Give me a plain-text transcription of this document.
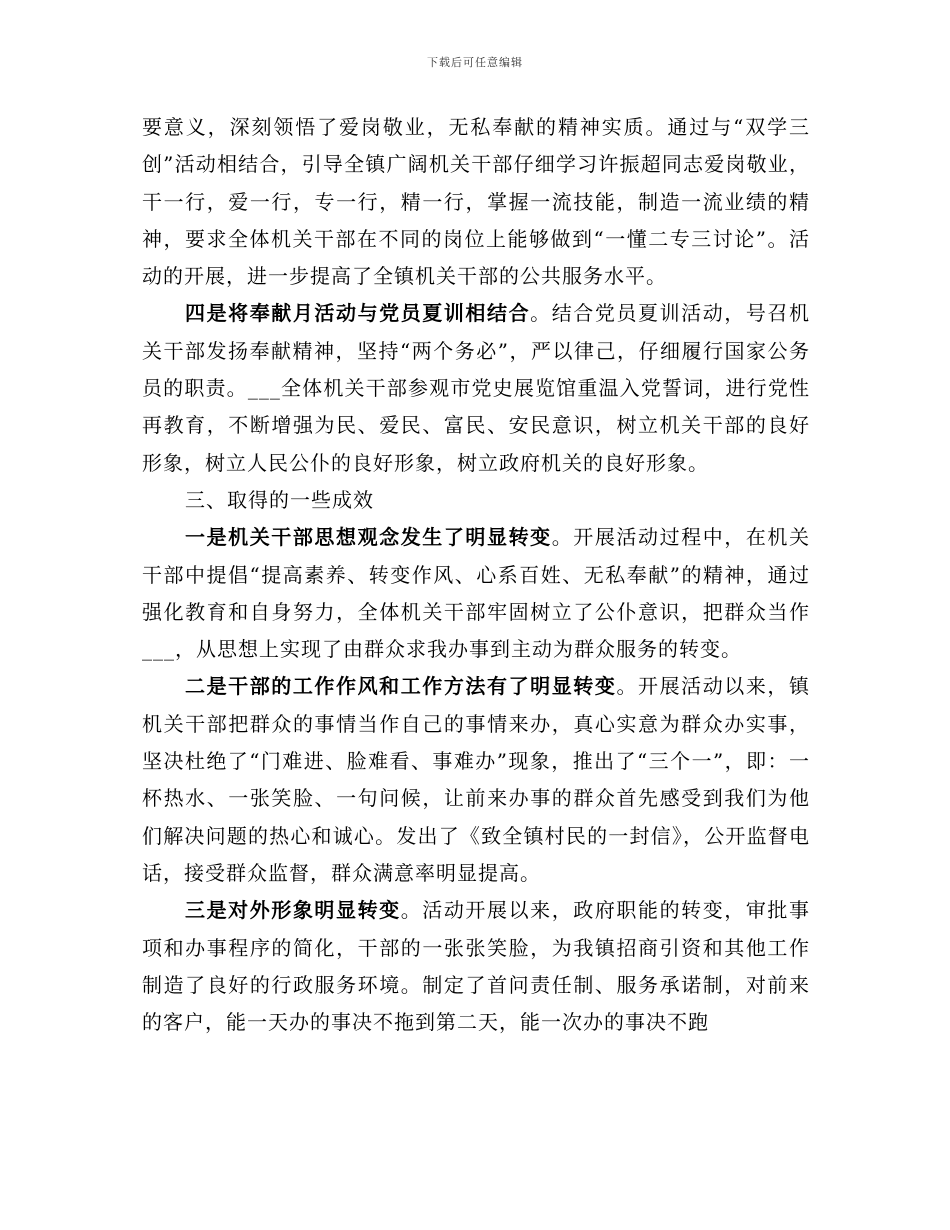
下载后可任意编辑

要意义，深刻领悟了爱岗敬业，无私奉献的精神实质。通过与“双学三创”活动相结合，引导全镇广阔机关干部仔细学习许振超同志爱岗敬业，干一行，爱一行，专一行，精一行，掌握一流技能，制造一流业绩的精神，要求全体机关干部在不同的岗位上能够做到“一懂二专三讨论”。活动的开展，进一步提高了全镇机关干部的公共服务水平。

四是将奉献月活动与党员夏训相结合。结合党员夏训活动，号召机关干部发扬奉献精神，坚持“两个务必”，严以律己，仔细履行国家公务员的职责。___全体机关干部参观市党史展览馆重温入党誓词，进行党性再教育，不断增强为民、爱民、富民、安民意识，树立机关干部的良好形象，树立人民公仆的良好形象，树立政府机关的良好形象。

三、取得的一些成效

一是机关干部思想观念发生了明显转变。开展活动过程中，在机关干部中提倡“提高素养、转变作风、心系百姓、无私奉献”的精神，通过强化教育和自身努力，全体机关干部牢固树立了公仆意识，把群众当作___，从思想上实现了由群众求我办事到主动为群众服务的转变。

二是干部的工作作风和工作方法有了明显转变。开展活动以来，镇机关干部把群众的事情当作自己的事情来办，真心实意为群众办实事，坚决杜绝了“门难进、脸难看、事难办”现象，推出了“三个一”，即：一杯热水、一张笑脸、一句问候，让前来办事的群众首先感受到我们为他们解决问题的热心和诚心。发出了《致全镇村民的一封信》，公开监督电话，接受群众监督，群众满意率明显提高。

三是对外形象明显转变。活动开展以来，政府职能的转变，审批事项和办事程序的简化，干部的一张张笑脸，为我镇招商引资和其他工作制造了良好的行政服务环境。制定了首问责任制、服务承诺制，对前来的客户，能一天办的事决不拖到第二天，能一次办的事决不跑
